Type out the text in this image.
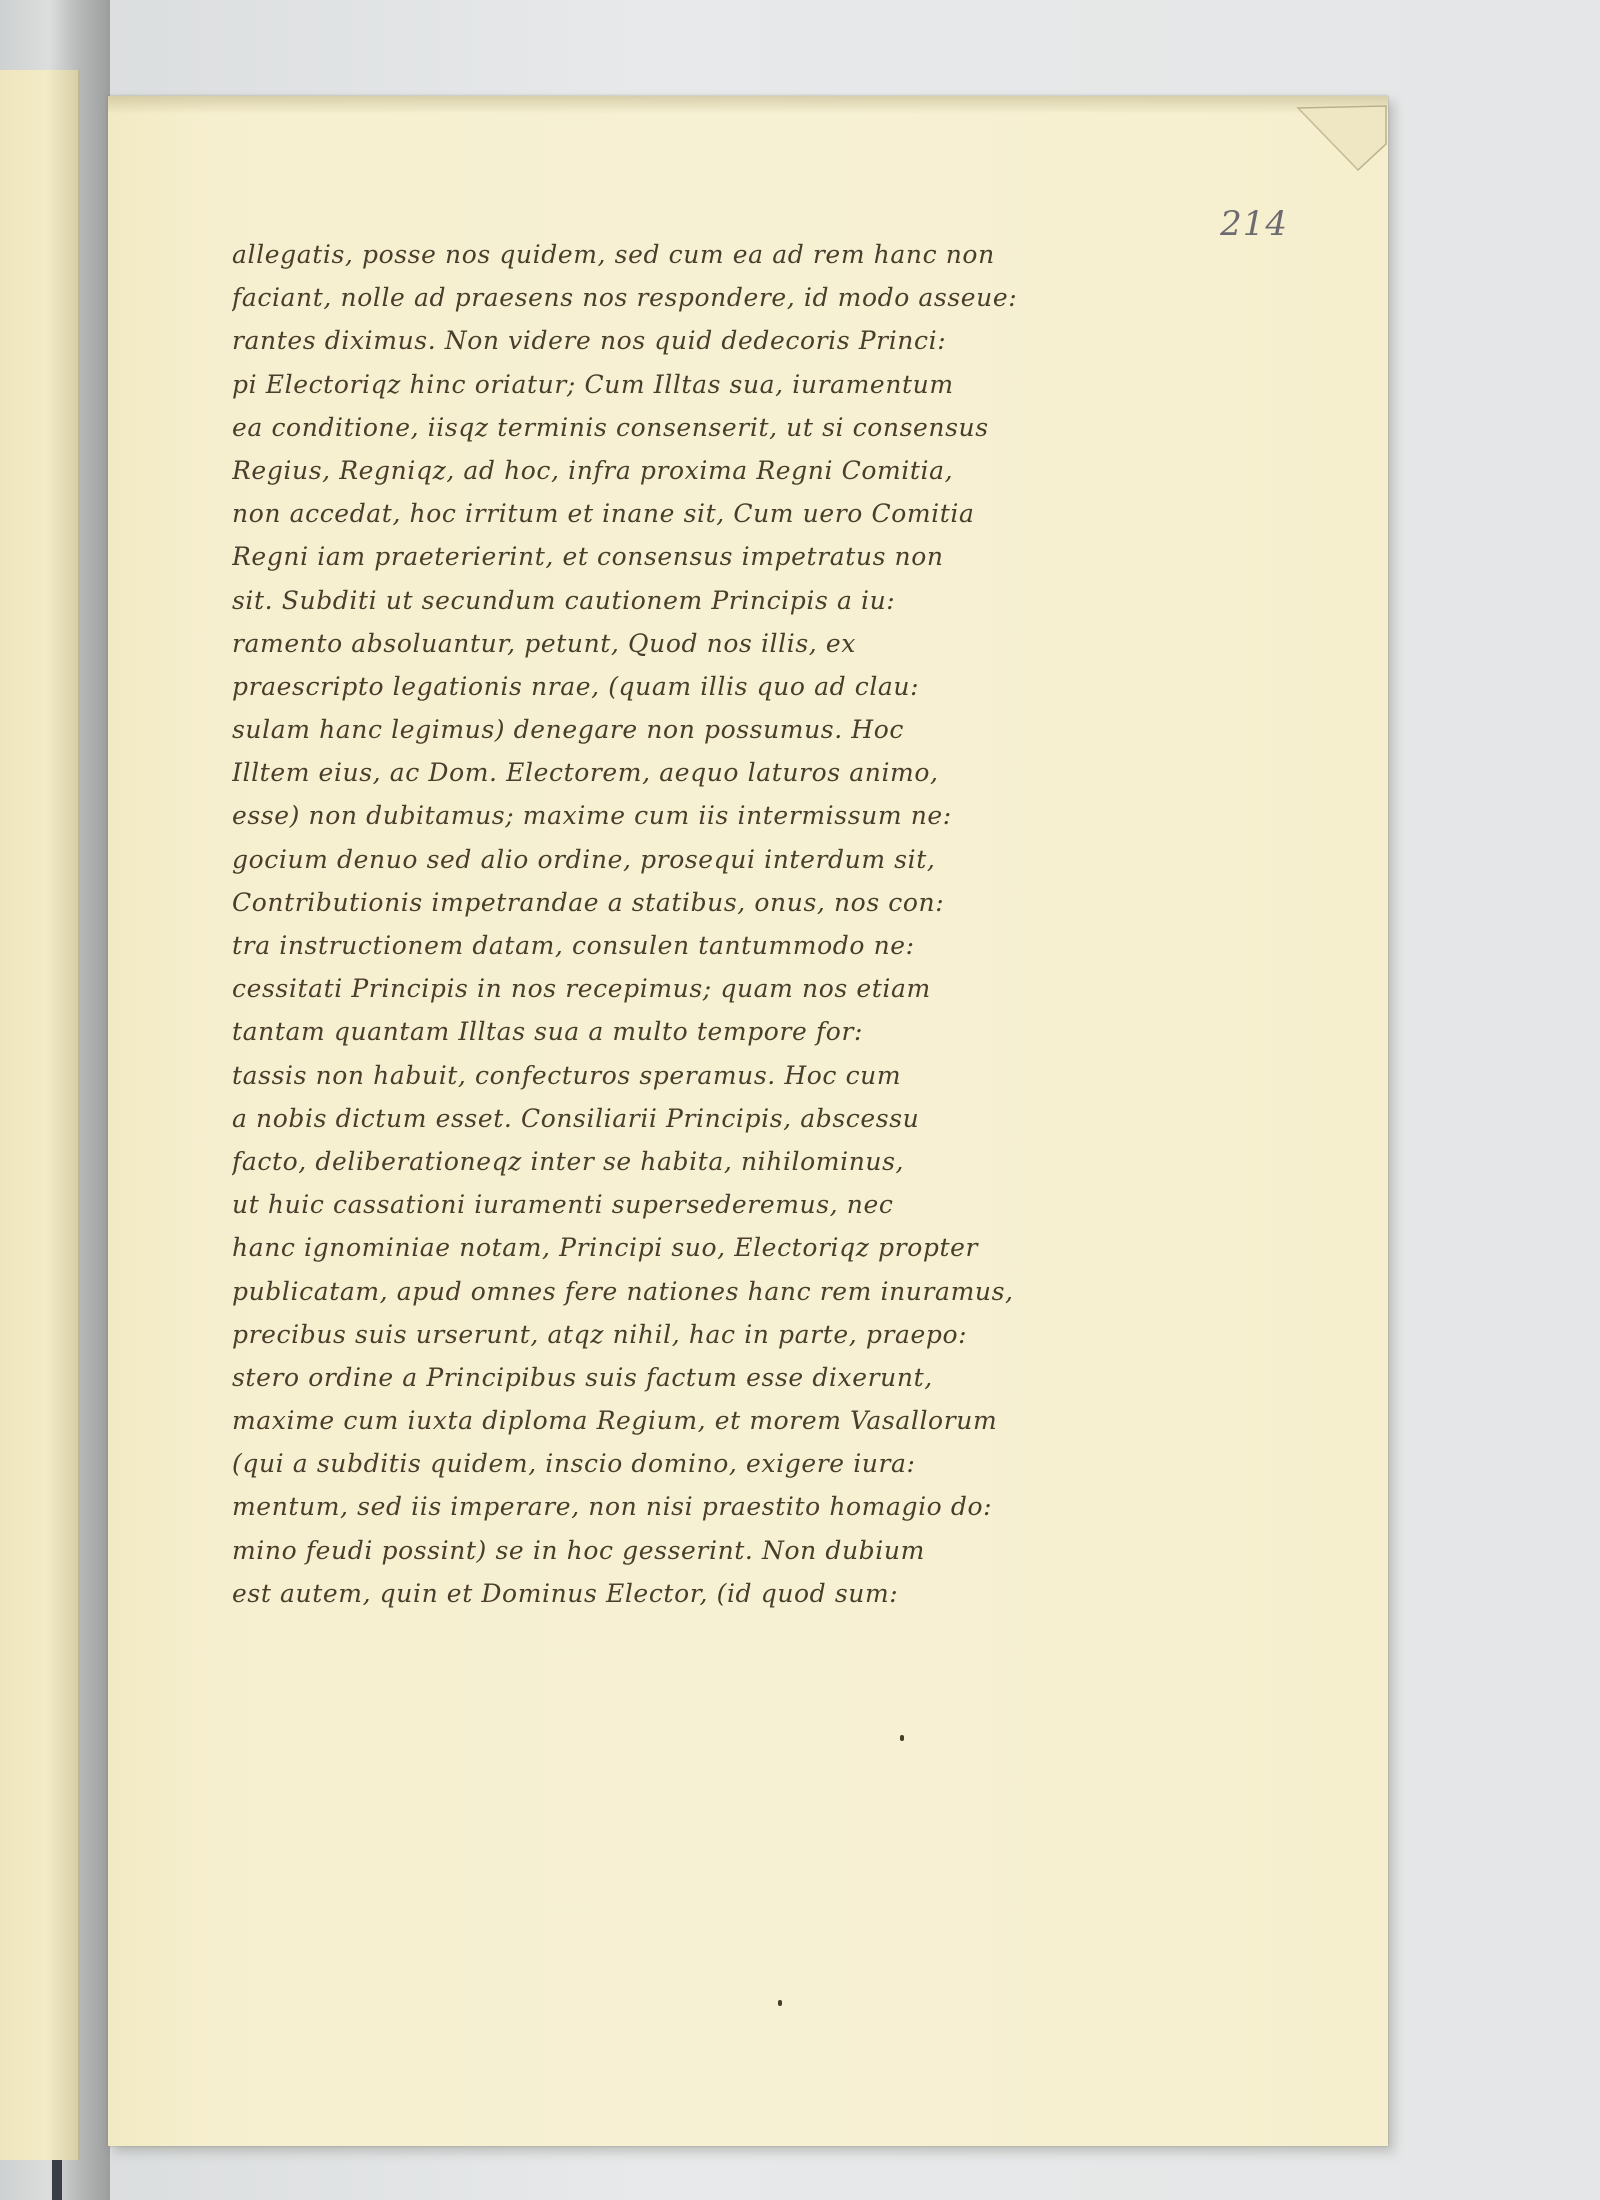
214
allegatis, posse nos quidem, sed cum ea ad rem hanc non
faciant, nolle ad praesens nos respondere, id modo asseue:
rantes diximus. Non videre nos quid dedecoris Princi:
pi Electoriqz hinc oriatur; Cum Illtas sua, iuramentum
ea conditione, iisqz terminis consenserit, ut si consensus
Regius, Regniqz, ad hoc, infra proxima Regni Comitia,
non accedat, hoc irritum et inane sit, Cum uero Comitia
Regni iam praeterierint, et consensus impetratus non
sit. Subditi ut secundum cautionem Principis a iu:
ramento absoluantur, petunt, Quod nos illis, ex
praescripto legationis nrae, (quam illis quo ad clau:
sulam hanc legimus) denegare non possumus. Hoc
Illtem eius, ac Dom. Electorem, aequo laturos animo,
esse) non dubitamus; maxime cum iis intermissum ne:
gocium denuo sed alio ordine, prosequi interdum sit,
Contributionis impetrandae a statibus, onus, nos con:
tra instructionem datam, consulen tantummodo ne:
cessitati Principis in nos recepimus; quam nos etiam
tantam quantam Illtas sua a multo tempore for:
tassis non habuit, confecturos speramus. Hoc cum
a nobis dictum esset. Consiliarii Principis, abscessu
facto, deliberationeqz inter se habita, nihilominus,
ut huic cassationi iuramenti supersederemus, nec
hanc ignominiae notam, Principi suo, Electoriqz propter
publicatam, apud omnes fere nationes hanc rem inuramus,
precibus suis urserunt, atqz nihil, hac in parte, praepo:
stero ordine a Principibus suis factum esse dixerunt,
maxime cum iuxta diploma Regium, et morem Vasallorum
(qui a subditis quidem, inscio domino, exigere iura:
mentum, sed iis imperare, non nisi praestito homagio do:
mino feudi possint) se in hoc gesserint. Non dubium
est autem, quin et Dominus Elector, (id quod sum:
